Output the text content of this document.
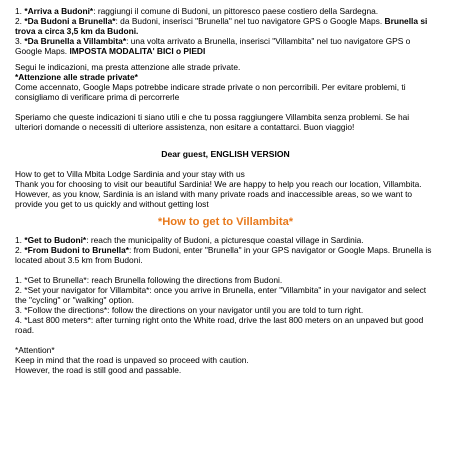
1. *Arriva a Budoni*: raggiungi il comune di Budoni, un pittoresco paese costiero della Sardegna.

2. *Da Budoni a Brunella*: da Budoni, inserisci "Brunella" nel tuo navigatore GPS o Google Maps. Brunella si trova a circa 3,5 km da Budoni.

3. *Da Brunella a Villambita*: una volta arrivato a Brunella, inserisci "Villambita" nel tuo navigatore GPS o Google Maps. IMPOSTA MODALITA' BICI o PIEDI

Segui le indicazioni, ma presta attenzione alle strade private.

*Attenzione alle strade private*

Come accennato, Google Maps potrebbe indicare strade private o non percorribili. Per evitare problemi, ti consigliamo di verificare prima di percorrerle

Speriamo che queste indicazioni ti siano utili e che tu possa raggiungere Villambita senza problemi. Se hai ulteriori domande o necessiti di ulteriore assistenza, non esitare a contattarci. Buon viaggio!

Dear guest, ENGLISH VERSION

How to get to Villa Mbita Lodge Sardinia and your stay with us

Thank you for choosing to visit our beautiful Sardinia! We are happy to help you reach our location, Villambita.

However, as you know, Sardinia is an island with many private roads and inaccessible areas, so we want to provide you get to us quickly and without getting lost

*How to get to Villambita*

1. *Get to Budoni*: reach the municipality of Budoni, a picturesque coastal village in Sardinia.

2. *From Budoni to Brunella*: from Budoni, enter "Brunella" in your GPS navigator or Google Maps. Brunella is located about 3.5 km from Budoni.

1. *Get to Brunella*: reach Brunella following the directions from Budoni.

2. *Set your navigator for Villambita*: once you arrive in Brunella, enter "Villambita" in your navigator and select the "cycling" or "walking" option.

3. *Follow the directions*: follow the directions on your navigator until you are told to turn right.

4. *Last 800 meters*: after turning right onto the White road, drive the last 800 meters on an unpaved but good road.

*Attention*

Keep in mind that the road is unpaved so proceed with caution.

However, the road is still good and passable.
